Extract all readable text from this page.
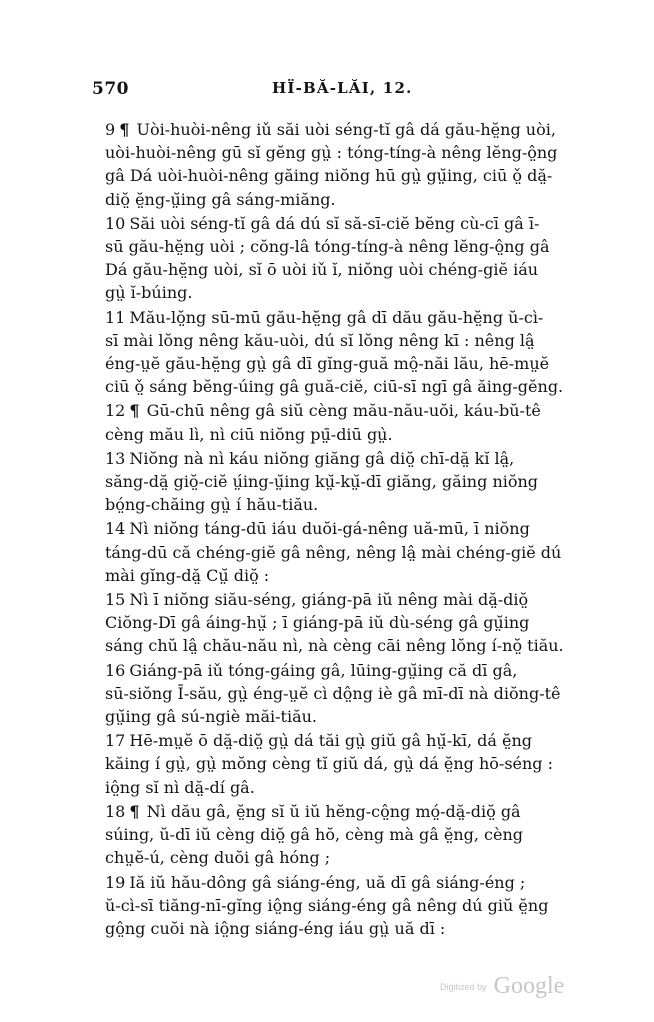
570	HÏ-BĂ-LĂI, 12.
9 ¶ Uòi-huòi-nêng iǔ săi uòi séng-tĭ gâ dá gău-hĕ̤ng uòi,
uòi-huòi-nêng gū sĭ gĕng gṳ̀ : tóng-tíng-à nêng lĕng-ô̤ng
gâ Dá uòi-huòi-nêng găing niŏng hū gṳ̀ gṳ̆ing, ciū ǒ̤ dă̤-
diŏ̤ ĕ̤ng-ṳ̆ing gâ sáng-miăng.
10 Săi uòi séng-tĭ gâ dá dú sĭ să-sī-ciĕ bĕng cù-cī gâ ī-
sū gău-hĕ̤ng uòi ; cŏng-lâ tóng-tíng-à nêng lĕng-ô̤ng gâ
Dá gău-hĕ̤ng uòi, sĭ ō uòi iǔ ĭ, niŏng uòi chéng-giĕ iáu
gṳ̀ ĭ-búing.
11 Mău-lŏ̤ng sū-mū gău-hĕ̤ng gâ dī dău gău-hĕ̤ng ŭ-cì-
sī mài lŏng nêng kău-uòi, dú sĭ lŏng nêng kī : nêng lâ̤
éng-ṳĕ gău-hĕ̤ng gṳ̀ gâ dī gĭng-guă mô̤-năi lău, hē-mṳĕ
ciū ǒ̤ sáng bĕng-úing gâ guă-ciĕ, ciū-sī ngī gâ ăing-gĕng.
12 ¶ Gū-chū nêng gâ siŭ cèng mău-nău-uŏi, káu-bŭ-tê
cèng mău lì, nì ciū niŏng pṳ̄-diū gṳ̀.
13 Niŏng nà nì káu niŏng giăng gâ diŏ̤ chī-dă̤ kĭ lâ̤,
săng-dă̤ giŏ̤-ciĕ ṳ́ing-ṳ̆ing kṳ̆-kṳ̆-dī giăng, găing niŏng
bó̤ng-chăing gṳ̀ í hău-tiău.
14 Nì niŏng táng-dū iáu duŏi-gá-nêng uă-mū, ī niŏng
táng-dū că chéng-giĕ gâ nêng, nêng lâ̤ mài chéng-giĕ dú
mài gĭng-dă̤ Cṳ̆ diŏ̤ :
15 Nì ī niŏng siău-séng, giáng-pā iŭ nêng mài dă̤-diŏ̤
Ciŏng-Dī gâ áing-hṳ̆ ; ī giáng-pā iŭ dù-séng gâ gṳ̆ing
sáng chŭ lâ̤ chău-nău nì, nà cèng cāi nêng lŏng í-nŏ̤ tiău.
16 Giáng-pā iǔ tóng-gáing gâ, lūing-gṳ̆ing că dī gâ,
sū-siŏng Ī-său, gṳ̀ éng-ṳĕ cì dô̤ng iè gâ mī-dī nà diŏng-tê
gṳ̆ing gâ sú-ngiè măi-tiău.
17 Hē-mṳĕ ō dă̤-diŏ̤ gṳ̀ dá tăi gṳ̀ giŭ gâ hṳ̆-kī, dá ĕ̤ng
kăing í gṳ̀, gṳ̀ mŏng cèng tĭ giŭ dá, gṳ̀ dá ĕ̤ng hō-séng :
iô̤ng sĭ nì dă̤-dí gâ.
18 ¶ Nì dău gâ, ĕ̤ng sĭ ŭ iŭ hĕng-cô̤ng mó̤-dă̤-diŏ̤ gâ
súing, ŭ-dī iŭ cèng diŏ̤ gâ hŏ, cèng mà gâ ĕ̤ng, cèng
chṳĕ-ú, cèng duŏi gâ hóng ;
19 Iă iŭ hău-dông gâ siáng-éng, uă dī gâ siáng-éng ;
ŭ-cì-sī tiăng-nī-gĭng iô̤ng siáng-éng gâ nêng dú giŭ ĕ̤ng
gô̤ng cuŏi nà iô̤ng siáng-éng iáu gṳ̀ uă dī :
Digitized by Google
